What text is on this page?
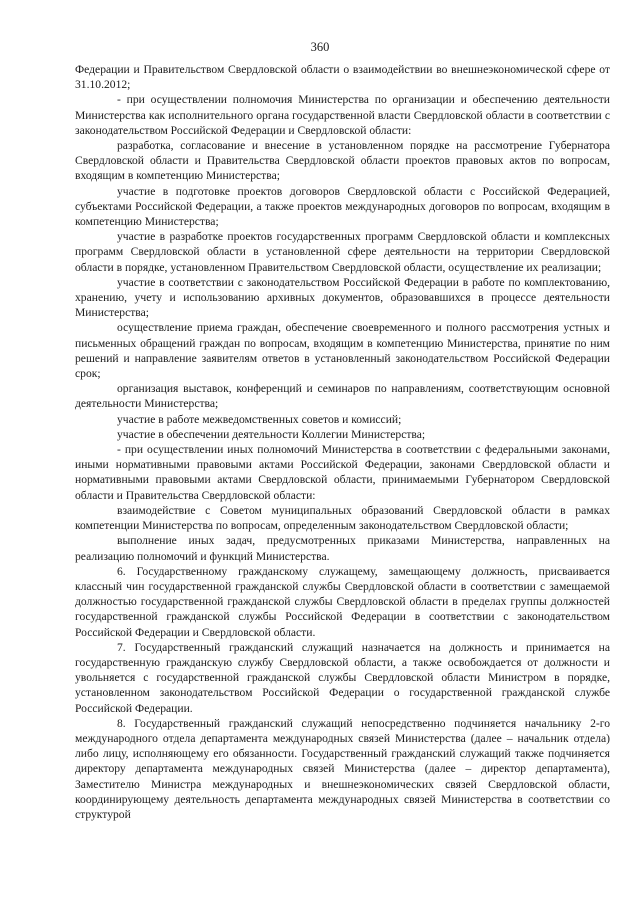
360

Федерации и Правительством Свердловской области о взаимодействии во внешнеэкономической сфере от 31.10.2012;

- при осуществлении полномочия Министерства по организации и обеспечению деятельности Министерства как исполнительного органа государственной власти Свердловской области в соответствии с законодательством Российской Федерации и Свердловской области:

разработка, согласование и внесение в установленном порядке на рассмотрение Губернатора Свердловской области и Правительства Свердловской области проектов правовых актов по вопросам, входящим в компетенцию Министерства;

участие в подготовке проектов договоров Свердловской области с Российской Федерацией, субъектами Российской Федерации, а также проектов международных договоров по вопросам, входящим в компетенцию Министерства;

участие в разработке проектов государственных программ Свердловской области и комплексных программ Свердловской области в установленной сфере деятельности на территории Свердловской области в порядке, установленном Правительством Свердловской области, осуществление их реализации;

участие в соответствии с законодательством Российской Федерации в работе по комплектованию, хранению, учету и использованию архивных документов, образовавшихся в процессе деятельности Министерства;

осуществление приема граждан, обеспечение своевременного и полного рассмотрения устных и письменных обращений граждан по вопросам, входящим в компетенцию Министерства, принятие по ним решений и направление заявителям ответов в установленный законодательством Российской Федерации срок;

организация выставок, конференций и семинаров по направлениям, соответствующим основной деятельности Министерства;

участие в работе межведомственных советов и комиссий;

участие в обеспечении деятельности Коллегии Министерства;

- при осуществлении иных полномочий Министерства в соответствии с федеральными законами, иными нормативными правовыми актами Российской Федерации, законами Свердловской области и нормативными правовыми актами Свердловской области, принимаемыми Губернатором Свердловской области и Правительства Свердловской области:

взаимодействие с Советом муниципальных образований Свердловской области в рамках компетенции Министерства по вопросам, определенным законодательством Свердловской области;

выполнение иных задач, предусмотренных приказами Министерства, направленных на реализацию полномочий и функций Министерства.

6. Государственному гражданскому служащему, замещающему должность, присваивается классный чин государственной гражданской службы Свердловской области в соответствии с замещаемой должностью государственной гражданской службы Свердловской области в пределах группы должностей государственной гражданской службы Российской Федерации в соответствии с законодательством Российской Федерации и Свердловской области.

7. Государственный гражданский служащий назначается на должность и принимается на государственную гражданскую службу Свердловской области, а также освобождается от должности и увольняется с государственной гражданской службы Свердловской области Министром в порядке, установленном законодательством Российской Федерации о государственной гражданской службе Российской Федерации.

8. Государственный гражданский служащий непосредственно подчиняется начальнику 2-го международного отдела департамента международных связей Министерства (далее – начальник отдела) либо лицу, исполняющему его обязанности. Государственный гражданский служащий также подчиняется директору департамента международных связей Министерства (далее – директор департамента), Заместителю Министра международных и внешнеэкономических связей Свердловской области, координирующему деятельность департамента международных связей Министерства в соответствии со структурой
